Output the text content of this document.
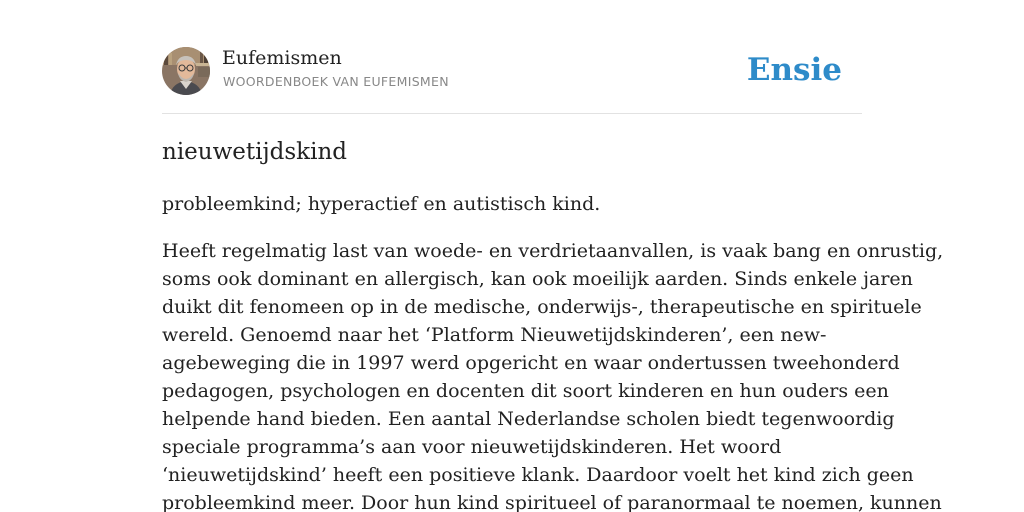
Eufemismen
WOORDENBOEK VAN EUFEMISMEN	Ensie
nieuwetijdskind

probleemkind; hyperactief en autistisch kind.

Heeft regelmatig last van woede- en verdrietaanvallen, is vaak bang en onrustig,
soms ook dominant en allergisch, kan ook moeilijk aarden. Sinds enkele jaren
duikt dit fenomeen op in de medische, onderwijs-, therapeutische en spirituele
wereld. Genoemd naar het ‘Platform Nieuwetijdskinderen’, een new-
agebeweging die in 1997 werd opgericht en waar ondertussen tweehonderd
pedagogen, psychologen en docenten dit soort kinderen en hun ouders een
helpende hand bieden. Een aantal Nederlandse scholen biedt tegenwoordig
speciale programma’s aan voor nieuwetijdskinderen. Het woord
‘nieuwetijdskind’ heeft een positieve klank. Daardoor voelt het kind zich geen
probleemkind meer. Door hun kind spiritueel of paranormaal te noemen, kunnen
